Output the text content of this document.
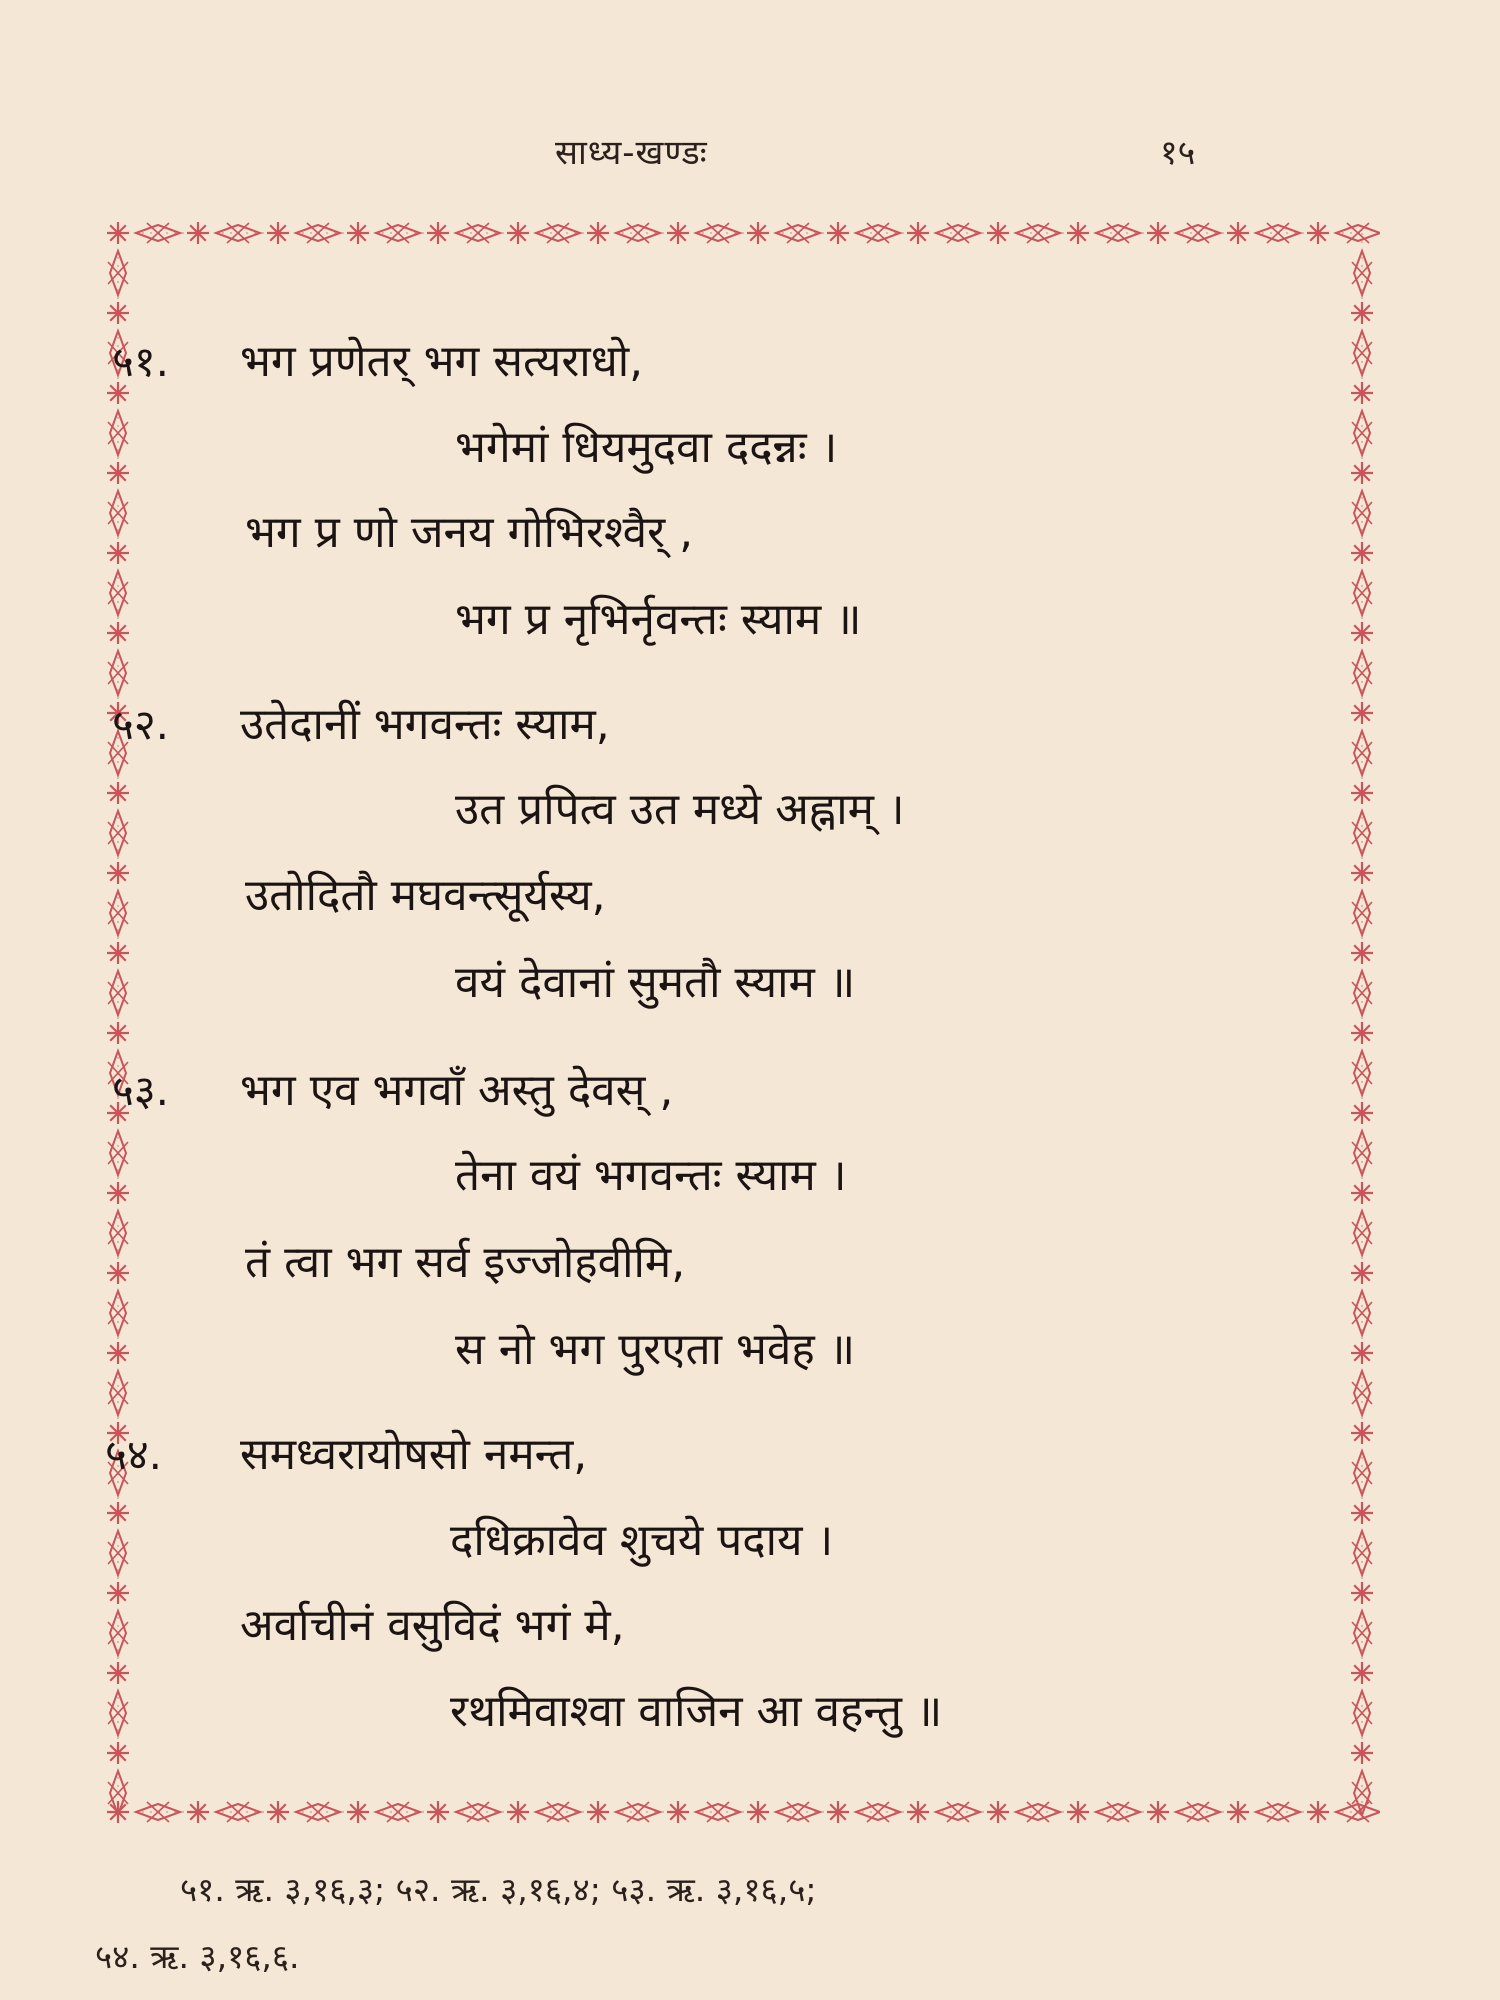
साध्य-खण्डः	१५
५१. भग प्रणेतर् भग सत्यराधो,
भगेमां धियमुदवा ददन्नः ।
भग प्र णो जनय गोभिरश्वैर् ,
भग प्र नृभिर्नृवन्तः स्याम ॥
५२. उतेदानीं भगवन्तः स्याम,
उत प्रपित्व उत मध्ये अह्नाम् ।
उतोदितौ मघवन्त्सूर्यस्य,
वयं देवानां सुमतौ स्याम ॥
५३. भग एव भगवाँ अस्तु देवस् ,
तेना वयं भगवन्तः स्याम ।
तं त्वा भग सर्व इज्जोहवीमि,
स नो भग पुरएता भवेह ॥
५४. समध्वरायोषसो नमन्त,
दधिक्रावेव शुचये पदाय ।
अर्वाचीनं वसुविदं भगं मे,
रथमिवाश्वा वाजिन आ वहन्तु ॥
५१. ऋ. ३,१६,३; ५२. ऋ. ३,१६,४; ५३. ऋ. ३,१६,५;
५४. ऋ. ३,१६,६.
